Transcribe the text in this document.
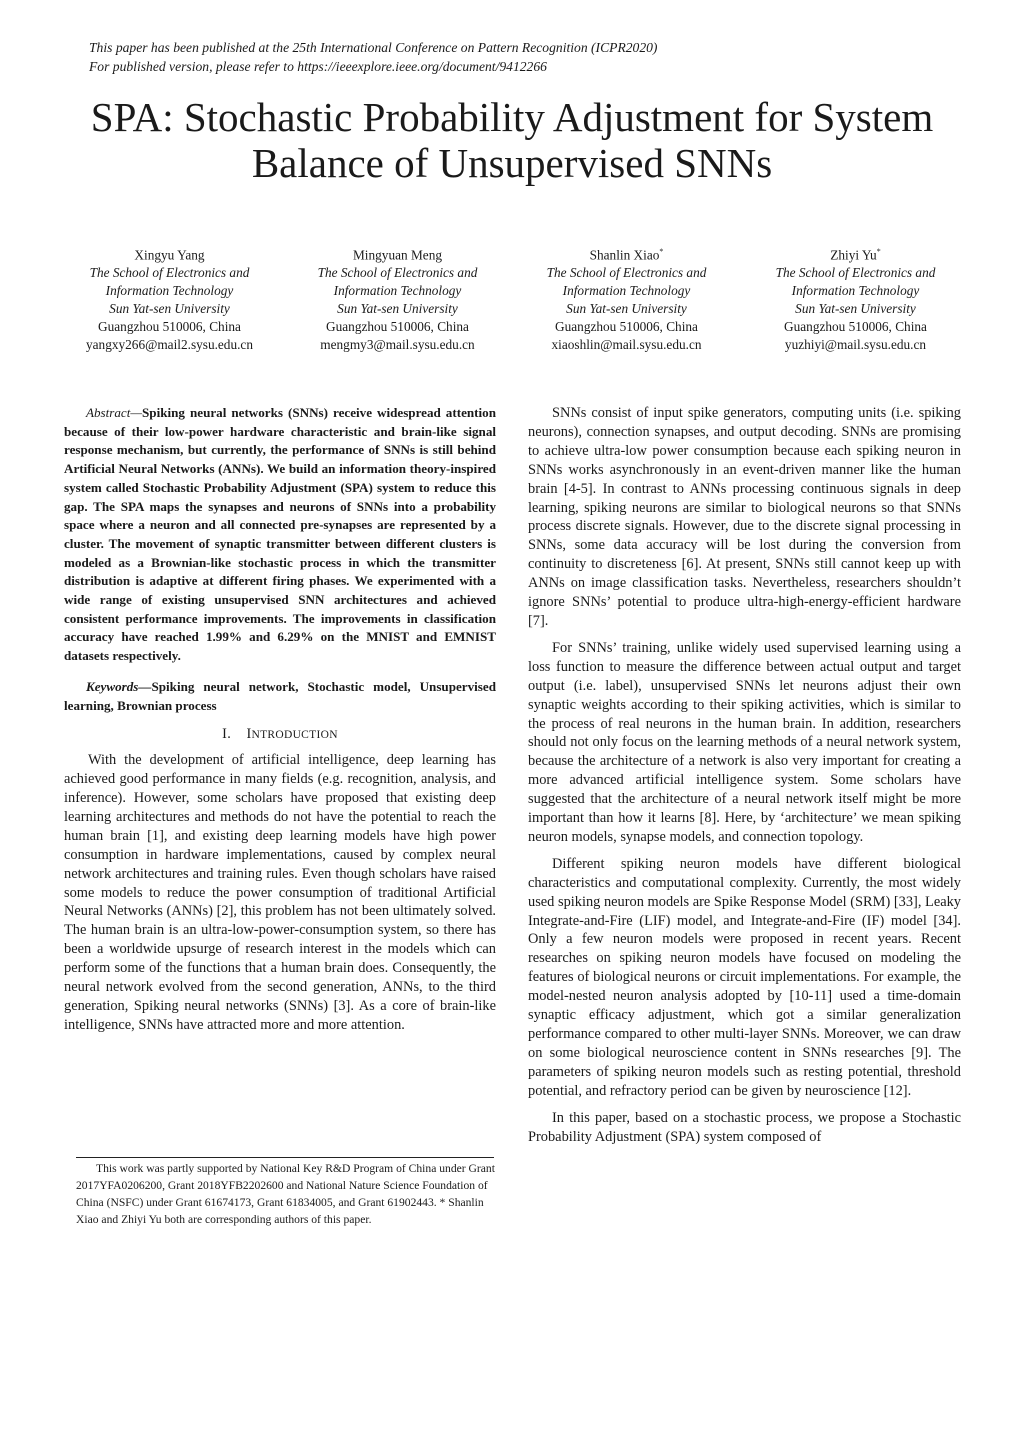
This paper has been published at the 25th International Conference on Pattern Recognition (ICPR2020)
For published version, please refer to https://ieeexplore.ieee.org/document/9412266
SPA: Stochastic Probability Adjustment for System
Balance of Unsupervised SNNs
Xingyu Yang
The School of Electronics and
Information Technology
Sun Yat-sen University
Guangzhou 510006, China
yangxy266@mail2.sysu.edu.cn
Mingyuan Meng
The School of Electronics and
Information Technology
Sun Yat-sen University
Guangzhou 510006, China
mengmy3@mail.sysu.edu.cn
Shanlin Xiao*
The School of Electronics and
Information Technology
Sun Yat-sen University
Guangzhou 510006, China
xiaoshlin@mail.sysu.edu.cn
Zhiyi Yu*
The School of Electronics and
Information Technology
Sun Yat-sen University
Guangzhou 510006, China
yuzhiyi@mail.sysu.edu.cn

Abstract—Spiking neural networks (SNNs) receive widespread attention because of their low-power hardware characteristic and brain-like signal response mechanism, but currently, the performance of SNNs is still behind Artificial Neural Networks (ANNs). We build an information theory-inspired system called Stochastic Probability Adjustment (SPA) system to reduce this gap. The SPA maps the synapses and neurons of SNNs into a probability space where a neuron and all connected pre-synapses are represented by a cluster. The movement of synaptic transmitter between different clusters is modeled as a Brownian-like stochastic process in which the transmitter distribution is adaptive at different firing phases. We experimented with a wide range of existing unsupervised SNN architectures and achieved consistent performance improvements. The improvements in classification accuracy have reached 1.99% and 6.29% on the MNIST and EMNIST datasets respectively.

Keywords—Spiking neural network, Stochastic model, Unsupervised learning, Brownian process

I. INTRODUCTION

With the development of artificial intelligence, deep learning has achieved good performance in many fields (e.g. recognition, analysis, and inference). However, some scholars have proposed that existing deep learning architectures and methods do not have the potential to reach the human brain [1], and existing deep learning models have high power consumption in hardware implementations, caused by complex neural network architectures and training rules. Even though scholars have raised some models to reduce the power consumption of traditional Artificial Neural Networks (ANNs) [2], this problem has not been ultimately solved. The human brain is an ultra-low-power-consumption system, so there has been a worldwide upsurge of research interest in the models which can perform some of the functions that a human brain does. Consequently, the neural network evolved from the second generation, ANNs, to the third generation, Spiking neural networks (SNNs) [3]. As a core of brain-like intelligence, SNNs have attracted more and more attention.

This work was partly supported by National Key R&D Program of China under Grant 2017YFA0206200, Grant 2018YFB2202600 and National Nature Science Foundation of China (NSFC) under Grant 61674173, Grant 61834005, and Grant 61902443. * Shanlin Xiao and Zhiyi Yu both are corresponding authors of this paper.

SNNs consist of input spike generators, computing units (i.e. spiking neurons), connection synapses, and output decoding. SNNs are promising to achieve ultra-low power consumption because each spiking neuron in SNNs works asynchronously in an event-driven manner like the human brain [4-5]. In contrast to ANNs processing continuous signals in deep learning, spiking neurons are similar to biological neurons so that SNNs process discrete signals. However, due to the discrete signal processing in SNNs, some data accuracy will be lost during the conversion from continuity to discreteness [6]. At present, SNNs still cannot keep up with ANNs on image classification tasks. Nevertheless, researchers shouldn’t ignore SNNs’ potential to produce ultra-high-energy-efficient hardware [7].

For SNNs’ training, unlike widely used supervised learning using a loss function to measure the difference between actual output and target output (i.e. label), unsupervised SNNs let neurons adjust their own synaptic weights according to their spiking activities, which is similar to the process of real neurons in the human brain. In addition, researchers should not only focus on the learning methods of a neural network system, because the architecture of a network is also very important for creating a more advanced artificial intelligence system. Some scholars have suggested that the architecture of a neural network itself might be more important than how it learns [8]. Here, by ‘architecture’ we mean spiking neuron models, synapse models, and connection topology.

Different spiking neuron models have different biological characteristics and computational complexity. Currently, the most widely used spiking neuron models are Spike Response Model (SRM) [33], Leaky Integrate-and-Fire (LIF) model, and Integrate-and-Fire (IF) model [34]. Only a few neuron models were proposed in recent years. Recent researches on spiking neuron models have focused on modeling the features of biological neurons or circuit implementations. For example, the model-nested neuron analysis adopted by [10-11] used a time-domain synaptic efficacy adjustment, which got a similar generalization performance compared to other multi-layer SNNs. Moreover, we can draw on some biological neuroscience content in SNNs researches [9]. The parameters of spiking neuron models such as resting potential, threshold potential, and refractory period can be given by neuroscience [12].

In this paper, based on a stochastic process, we propose a Stochastic Probability Adjustment (SPA) system composed of
